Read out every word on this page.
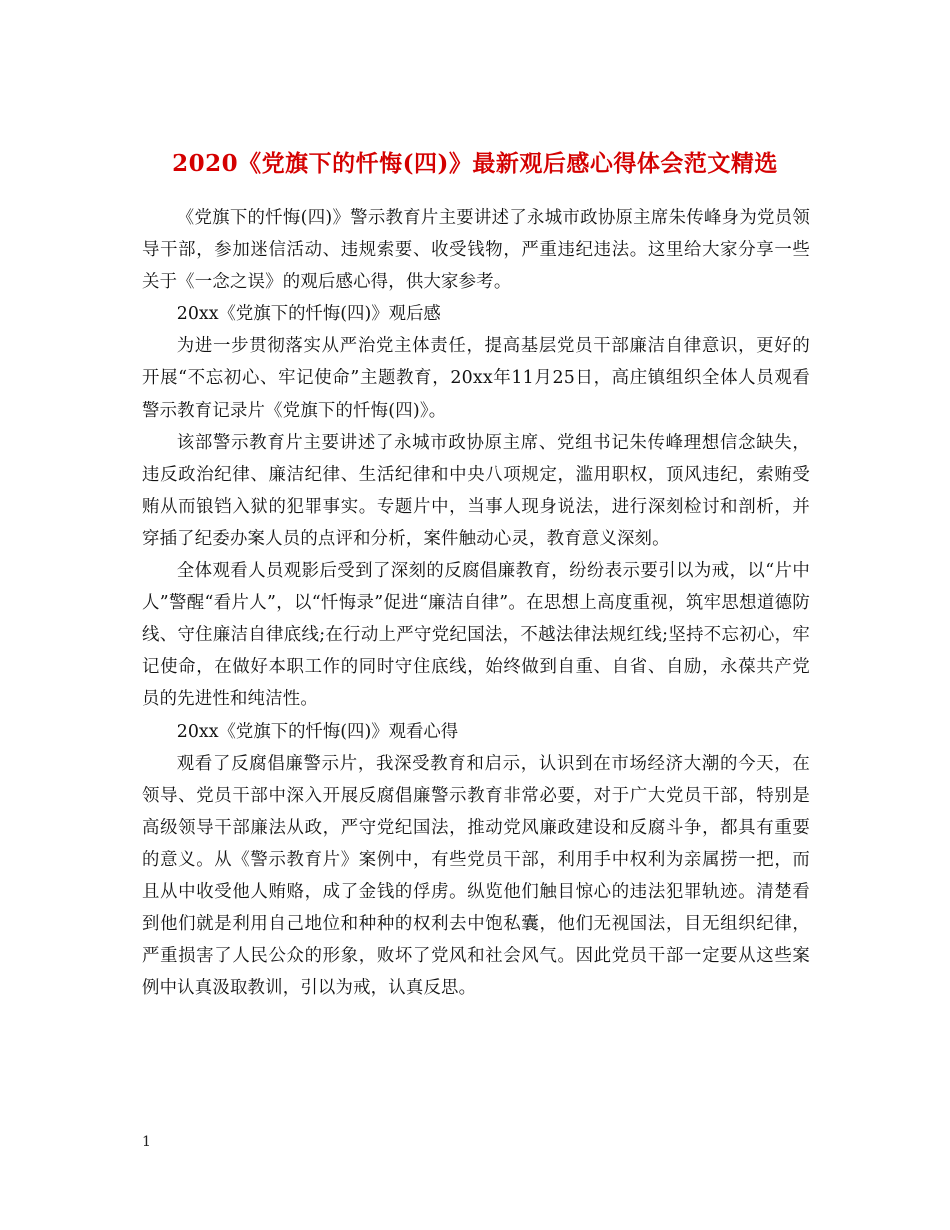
2020《党旗下的忏悔(四)》最新观后感心得体会范文精选

《党旗下的忏悔(四)》警示教育片主要讲述了永城市政协原主席朱传峰身为党员领导干部，参加迷信活动、违规索要、收受钱物，严重违纪违法。这里给大家分享一些关于《一念之误》的观后感心得，供大家参考。

20xx《党旗下的忏悔(四)》观后感

为进一步贯彻落实从严治党主体责任，提高基层党员干部廉洁自律意识，更好的开展“不忘初心、牢记使命”主题教育，20xx年11月25日，高庄镇组织全体人员观看警示教育记录片《党旗下的忏悔(四)》。

该部警示教育片主要讲述了永城市政协原主席、党组书记朱传峰理想信念缺失，违反政治纪律、廉洁纪律、生活纪律和中央八项规定，滥用职权，顶风违纪，索贿受贿从而锒铛入狱的犯罪事实。专题片中，当事人现身说法，进行深刻检讨和剖析，并穿插了纪委办案人员的点评和分析，案件触动心灵，教育意义深刻。

全体观看人员观影后受到了深刻的反腐倡廉教育，纷纷表示要引以为戒，以“片中人”警醒“看片人”，以“忏悔录”促进“廉洁自律”。在思想上高度重视，筑牢思想道德防线、守住廉洁自律底线;在行动上严守党纪国法，不越法律法规红线;坚持不忘初心，牢记使命，在做好本职工作的同时守住底线，始终做到自重、自省、自励，永葆共产党员的先进性和纯洁性。

20xx《党旗下的忏悔(四)》观看心得

观看了反腐倡廉警示片，我深受教育和启示，认识到在市场经济大潮的今天，在领导、党员干部中深入开展反腐倡廉警示教育非常必要，对于广大党员干部，特别是高级领导干部廉法从政，严守党纪国法，推动党风廉政建设和反腐斗争，都具有重要的意义。从《警示教育片》案例中，有些党员干部，利用手中权利为亲属捞一把，而且从中收受他人贿赂，成了金钱的俘虏。纵览他们触目惊心的违法犯罪轨迹。清楚看到他们就是利用自己地位和种种的权利去中饱私囊，他们无视国法，目无组织纪律，严重损害了人民公众的形象，败坏了党风和社会风气。因此党员干部一定要从这些案例中认真汲取教训，引以为戒，认真反思。

1
